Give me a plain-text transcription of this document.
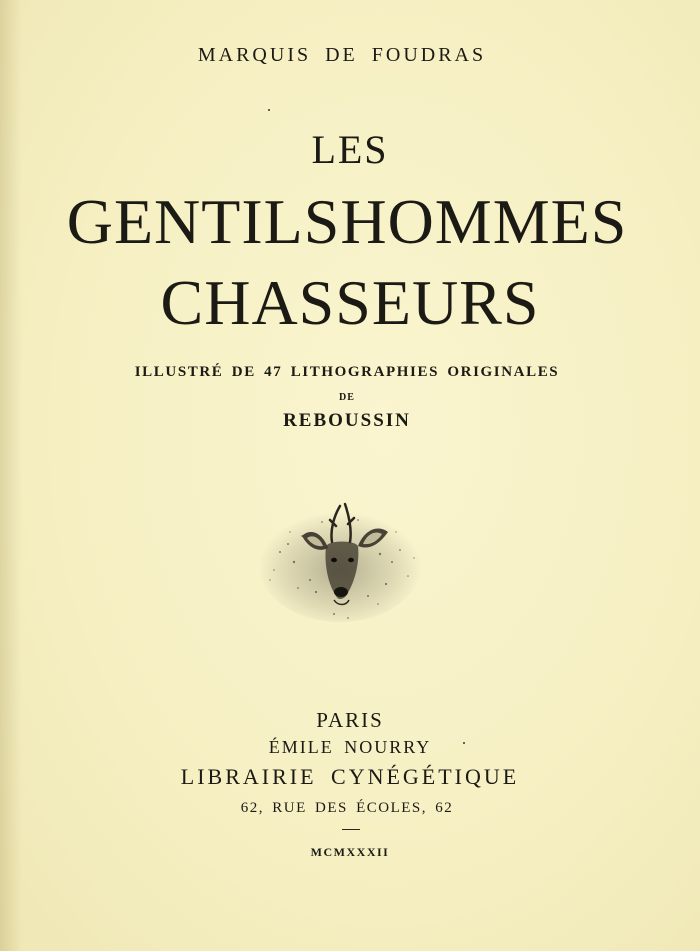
MARQUIS DE FOUDRAS

LES
GENTILSHOMMES
CHASSEURS

ILLUSTRÉ DE 47 LITHOGRAPHIES ORIGINALES

DE

REBOUSSIN

PARIS

ÉMILE NOURRY

LIBRAIRIE CYNÉGÉTIQUE

62, RUE DES ÉCOLES, 62

MCMXXXII
